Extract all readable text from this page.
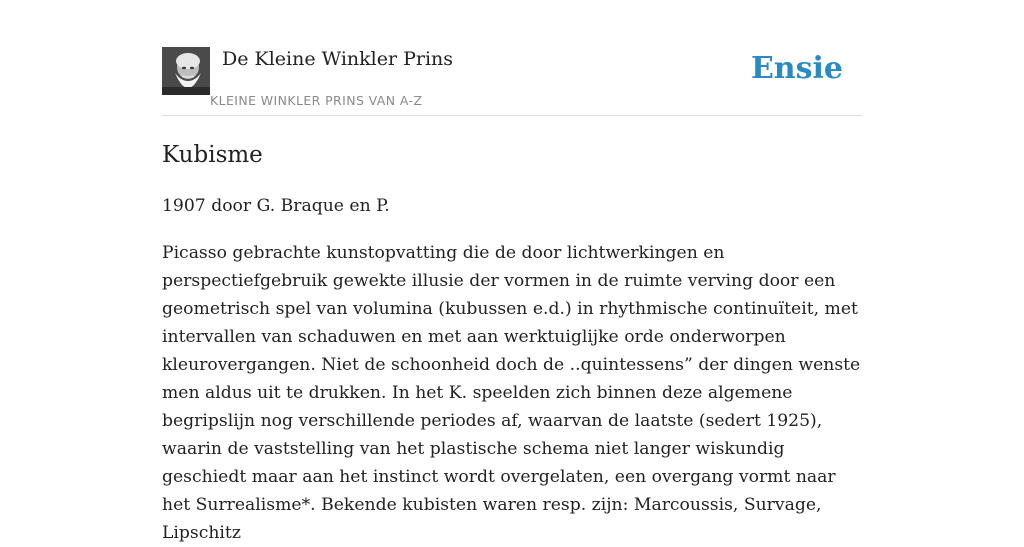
De Kleine Winkler Prins
KLEINE WINKLER PRINS VAN A-Z
Ensie
Kubisme

1907 door G. Braque en P.

Picasso gebrachte kunstopvatting die de door lichtwerkingen en perspectiefgebruik gewekte illusie der vormen in de ruimte verving door een geometrisch spel van volumina (kubussen e.d.) in rhythmische continuïteit, met intervallen van schaduwen en met aan werktuiglijke orde onderworpen kleurovergangen. Niet de schoonheid doch de ..quintessens” der dingen wenste men aldus uit te drukken. In het K. speelden zich binnen deze algemene begripslijn nog verschillende periodes af, waarvan de laatste (sedert 1925), waarin de vaststelling van het plastische schema niet langer wiskundig geschiedt maar aan het instinct wordt overgelaten, een overgang vormt naar het Surrealisme*. Bekende kubisten waren resp. zijn: Marcoussis, Survage, Lipschitz
